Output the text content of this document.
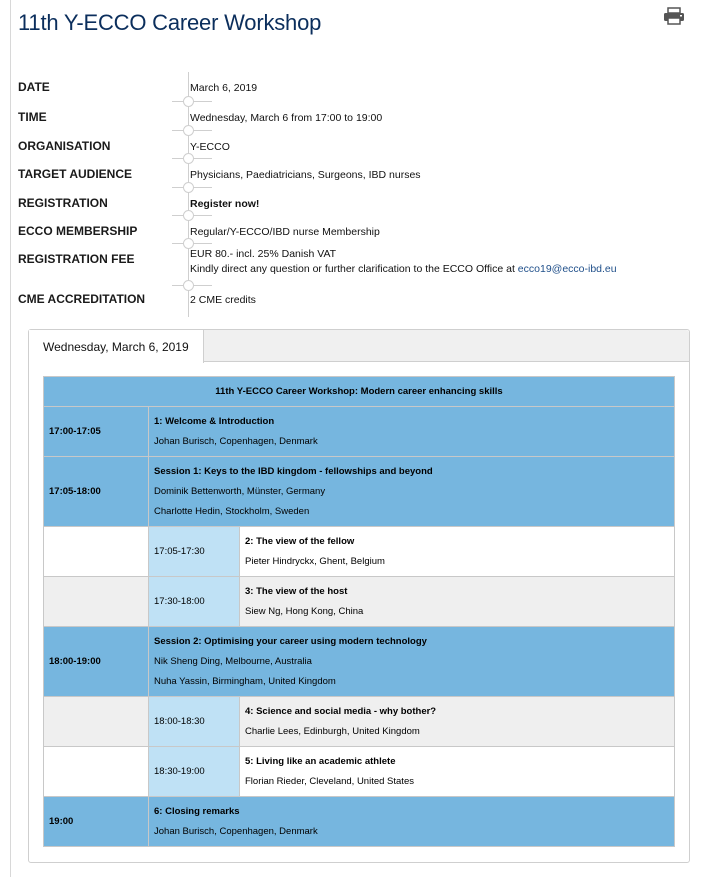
11th Y-ECCO Career Workshop
DATE	March 6, 2019
TIME	Wednesday, March 6 from 17:00 to 19:00
ORGANISATION	Y-ECCO
TARGET AUDIENCE	Physicians, Paediatricians, Surgeons, IBD nurses
REGISTRATION	Register now!
ECCO MEMBERSHIP	Regular/Y-ECCO/IBD nurse Membership
REGISTRATION FEE	EUR 80.- incl. 25% Danish VAT
Kindly direct any question or further clarification to the ECCO Office at ecco19@ecco-ibd.eu
CME ACCREDITATION	2 CME credits
Wednesday, March 6, 2019
11th Y-ECCO Career Workshop: Modern career enhancing skills		
17:00-17:05	1: Welcome & Introduction
Johan Burisch, Copenhagen, Denmark	

17:05-18:00	Session 1: Keys to the IBD kingdom - fellowships and beyond
Dominik Bettenworth, Münster, Germany
Charlotte Hedin, Stockholm, Sweden	

	17:05-17:30	2: The view of the fellow
Pieter Hindryckx, Ghent, Belgium

	17:30-18:00	3: The view of the host
Siew Ng, Hong Kong, China

18:00-19:00	Session 2: Optimising your career using modern technology
Nik Sheng Ding, Melbourne, Australia
Nuha Yassin, Birmingham, United Kingdom	

	18:00-18:30	4: Science and social media - why bother?
Charlie Lees, Edinburgh, United Kingdom

	18:30-19:00	5: Living like an academic athlete
Florian Rieder, Cleveland, United States

19:00	6: Closing remarks
Johan Burisch, Copenhagen, Denmark	
